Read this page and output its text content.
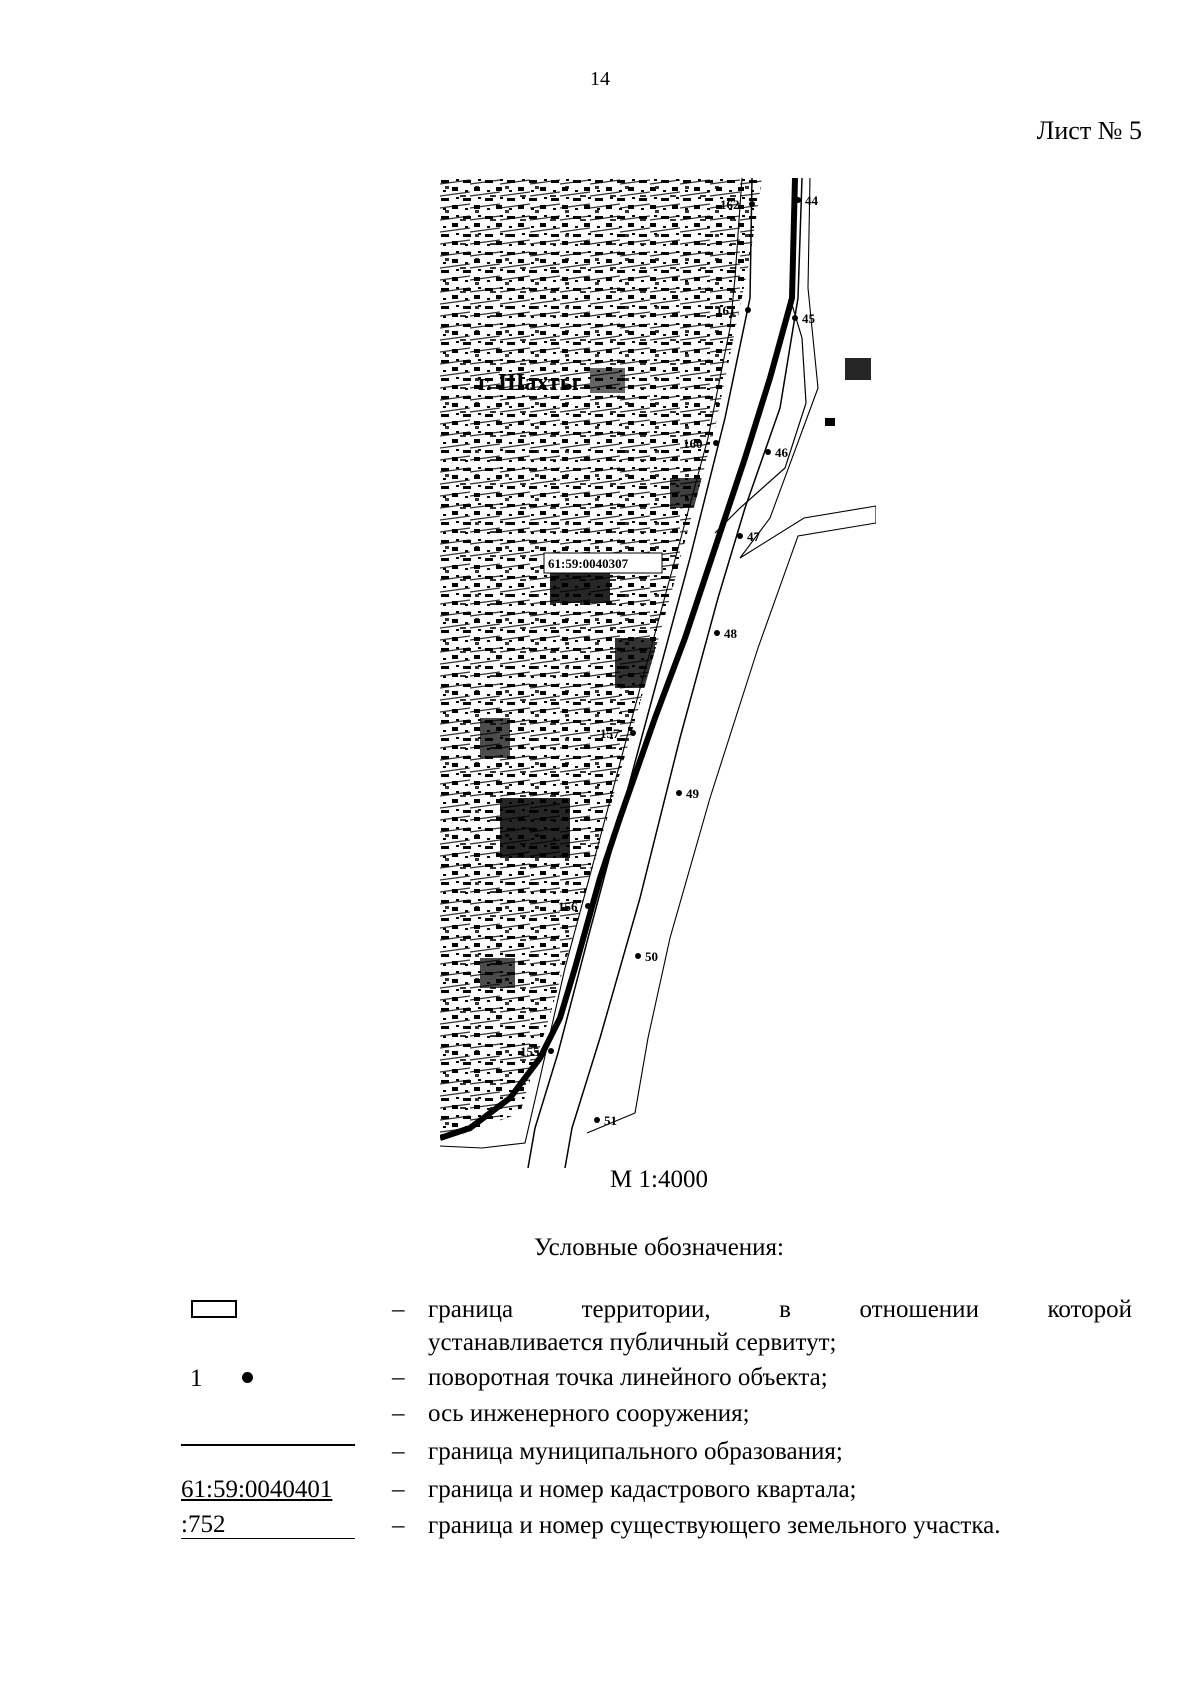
14
Лист № 5
г. Шахты
61:59:0040307
162
161
160
157
156
155
44
45
46
47
48
49
50
51
М 1:4000
Условные обозначения:
– граница территории, в отношении которой
устанавливается публичный сервитут;
1	– поворотная точка линейного объекта;
– ось инженерного сооружения;
– граница муниципального образования;
61:59:0040401 – граница и номер кадастрового квартала;
:752	– граница и номер существующего земельного участка.
